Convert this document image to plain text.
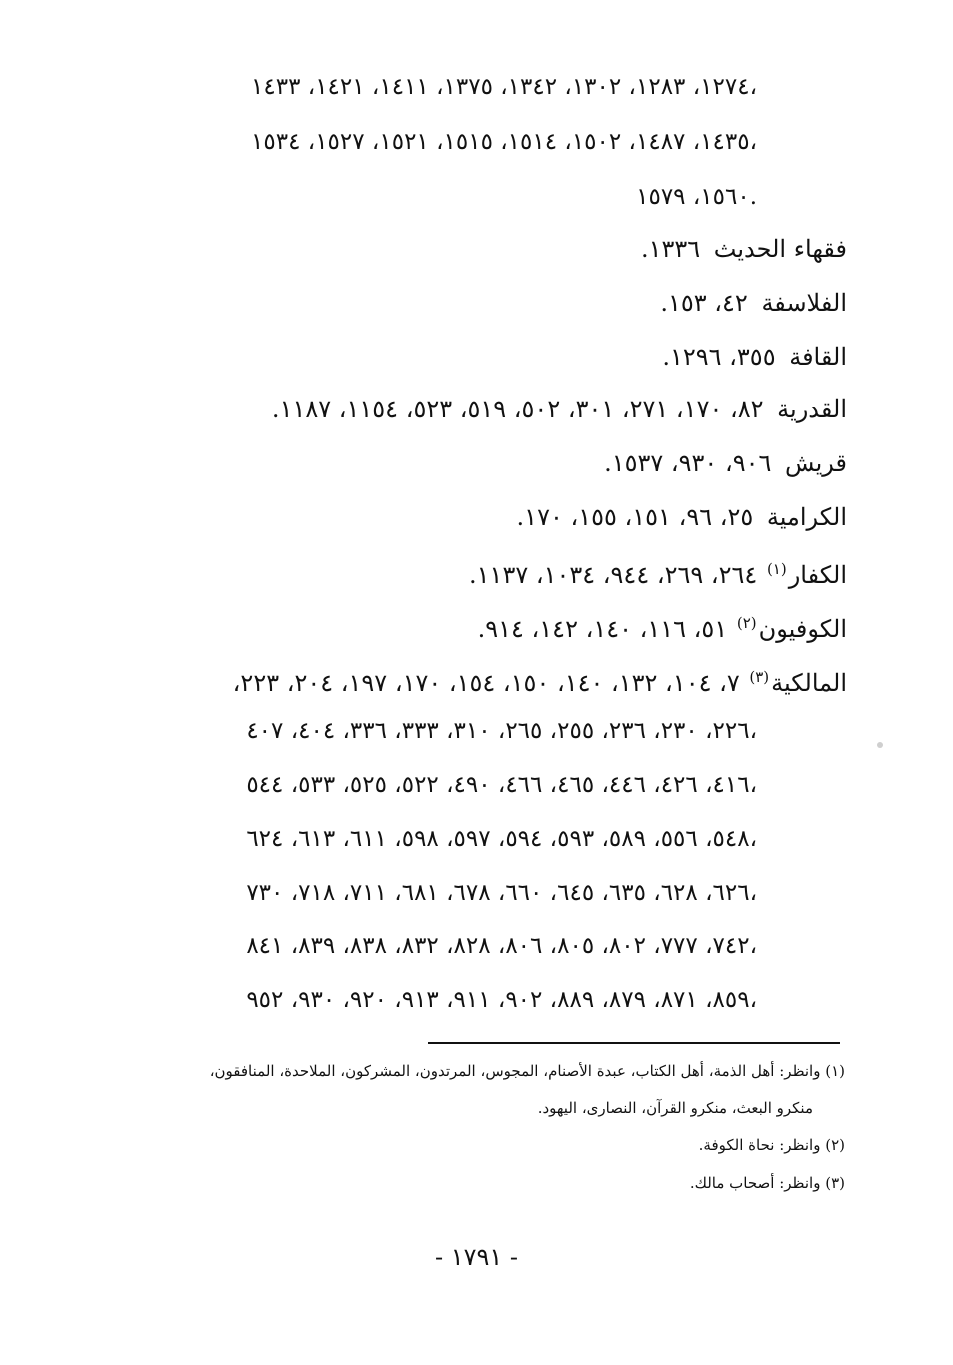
١٢٧٤، ١٢٨٣، ١٣٠٢، ١٣٤٢، ١٣٧٥، ١٤١١، ١٤٢١، ١٤٣٣،
١٤٣٥، ١٤٨٧، ١٥٠٢، ١٥١٤، ١٥١٥، ١٥٢١، ١٥٢٧، ١٥٣٤،
١٥٦٠، ١٥٧٩.
فقهاء الحديث ١٣٣٦.
الفلاسفة ٤٢، ١٥٣.
القافة ٣٥٥، ١٢٩٦.
القدرية ٨٢، ١٧٠، ٢٧١، ٣٠١، ٥٠٢، ٥١٩، ٥٢٣، ١١٥٤، ١١٨٧.
قريش ٩٠٦، ٩٣٠، ١٥٣٧.
الكرامية ٢٥، ٩٦، ١٥١، ١٥٥، ١٧٠.
الكفار$^{(١)}$ ٢٦٤، ٢٦٩، ٩٤٤، ١٠٣٤، ١١٣٧.
الكوفيون$^{(٢)}$ ٥١، ١١٦، ١٤٠، ١٤٢، ٩١٤.
المالكية$^{(٣)}$ ٧، ١٠٤، ١٣٢، ١٤٠، ١٥٠، ١٥٤، ١٧٠، ١٩٧، ٢٠٤، ٢٢٣،
٢٢٦، ٢٣٠، ٢٣٦، ٢٥٥، ٢٦٥، ٣١٠، ٣٣٣، ٣٣٦، ٤٠٤، ٤٠٧،
٤١٦، ٤٢٦، ٤٤٦، ٤٦٥، ٤٦٦، ٤٩٠، ٥٢٢، ٥٢٥، ٥٣٣، ٥٤٤،
٥٤٨، ٥٥٦، ٥٨٩، ٥٩٣، ٥٩٤، ٥٩٧، ٥٩٨، ٦١١، ٦١٣، ٦٢٤،
٦٢٦، ٦٢٨، ٦٣٥، ٦٤٥، ٦٦٠، ٦٧٨، ٦٨١، ٧١١، ٧١٨، ٧٣٠،
٧٤٢، ٧٧٧، ٨٠٢، ٨٠٥، ٨٠٦، ٨٢٨، ٨٣٢، ٨٣٨، ٨٣٩، ٨٤١،
٨٥٩، ٨٧١، ٨٧٩، ٨٨٩، ٩٠٢، ٩١١، ٩١٣، ٩٢٠، ٩٣٠، ٩٥٢،
(١) وانظر: أهل الذمة، أهل الكتاب، عبدة الأصنام، المجوس، المرتدون، المشركون، الملاحدة، المنافقون،
منكرو البعث، منكرو القرآن، النصارى، اليهود.
(٢) وانظر: نحاة الكوفة.
(٣) وانظر: أصحاب مالك.
- ١٧٩١ -
